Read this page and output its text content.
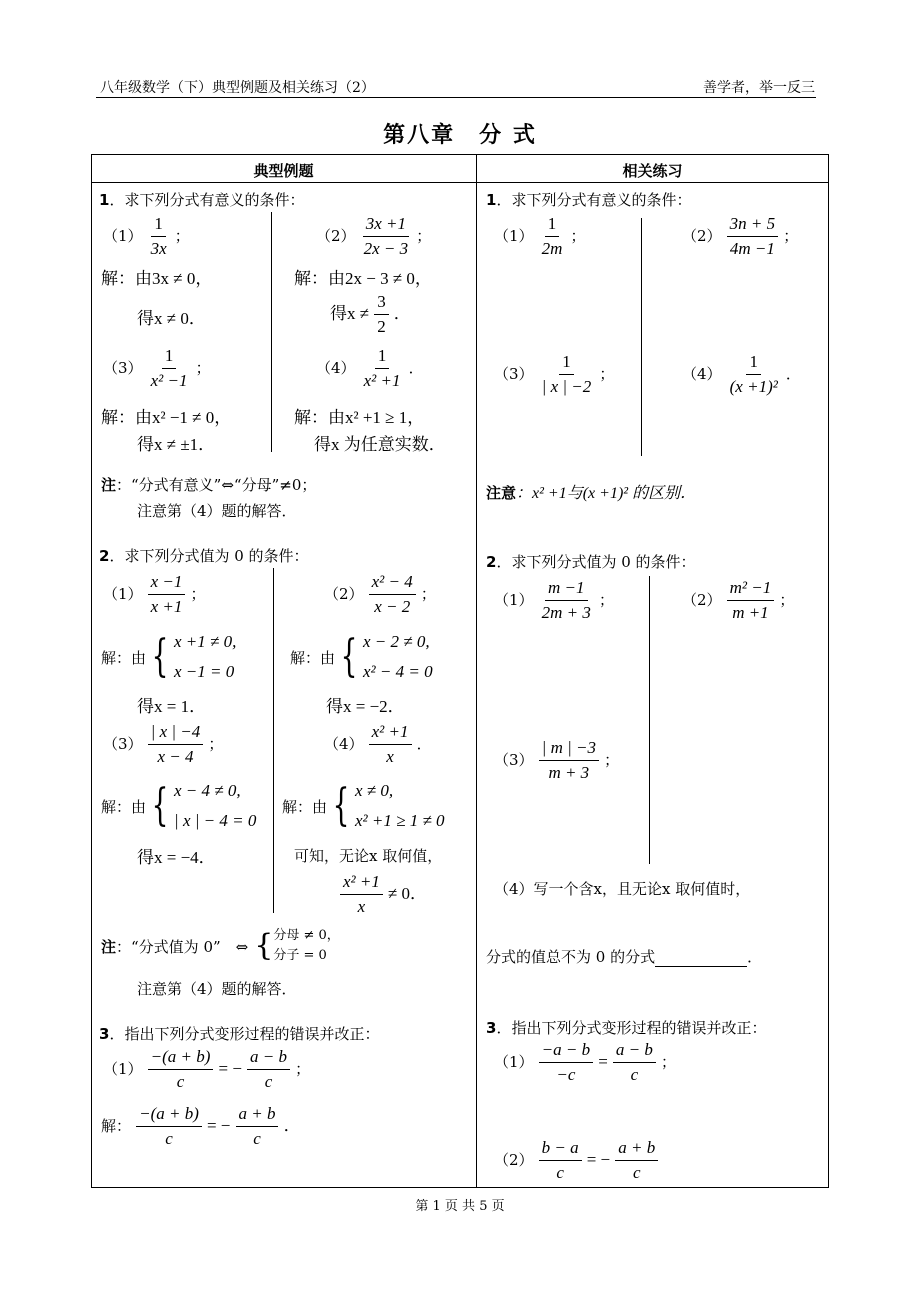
八年级数学（下）典型例题及相关练习（2）	善学者，举一反三
第八章　分 式
典型例题	相关练习
1．求下列分式有意义的条件：
$(1) \frac{1}{3x}$ ；
解：由3x ≠ 0，
得x ≠ 0．
$(2) \frac{3x +1}{2x - 3}$ ；
解：由2x − 3 ≠ 0，
得$x \ne \frac{3}{2}$ ．
$(3) \frac{1}{\text{x² −1}}$ ；
解：由x² −1 ≠ 0，
得x ≠ ±1．
$(4) \frac{1}{\text{x² +1}}$ ．
解：由x² +1 ≥ 1，
得x 为任意实数．
注：“分式有意义”⇔“分母”≠0；
注意第（4）题的解答．
2．求下列分式值为 0 的条件：
$(1) \frac{x -1}{x +1}$ ；
解：由 { x +1 ≠ 0,
x −1 = 0
得x = 1．
$(2) \frac{\text{x² − 4}}{x - 2}$ ；
解：由 { x − 2 ≠ 0,
x² − 4 = 0
得x = −2．
$(3) \frac{| x | -4}{x - 4}$ ；
解：由 { x − 4 ≠ 0,
| x | − 4 = 0
得x = −4．
$(4) \frac{\text{x² +1}}{x}$ ．
解：由 { x ≠ 0,
x² +1 ≥ 1 ≠ 0
可知，无论x 取何值，
$\frac{\text{x² +1}}{x} \ne 0$．
注：“分式值为 0”　⇔ { 分母 ≠ 0，
分子 = 0
注意第（4）题的解答．
3．指出下列分式变形过程的错误并改正：
$(1) \frac{-(a + b)}{c}$ = − $\frac{a - b}{c}$ ；
解： $\frac{-(a + b)}{c}$ = − $\frac{a + b}{c}$ ．
1．求下列分式有意义的条件：
$(1) \frac{1}{2m}$ ；	$(2) \frac{3n + 5}{4m -1}$ ；
$(3) \frac{1}{| x | -2}$ ；	$(4) \frac{1}{\text{(x +1)²}}$ ．
注意：x² +1与(x +1)² 的区别．
2．求下列分式值为 0 的条件：
$(1) \frac{m -1}{2m + 3}$ ；	$(2) \frac{\text{m² −1}}{m +1}$ ；
$(3) \frac{| m | -3}{m + 3}$ ；
（4）写一个含x，且无论x 取何值时，
分式的值总不为 0 的分式	．
3．指出下列分式变形过程的错误并改正：
$(1) \frac{-a - b}{-c} = \frac{a - b}{c}$ ；
$(2) \frac{b - a}{c}$ = − $\frac{a + b}{c}$
第 1 页 共 5 页
